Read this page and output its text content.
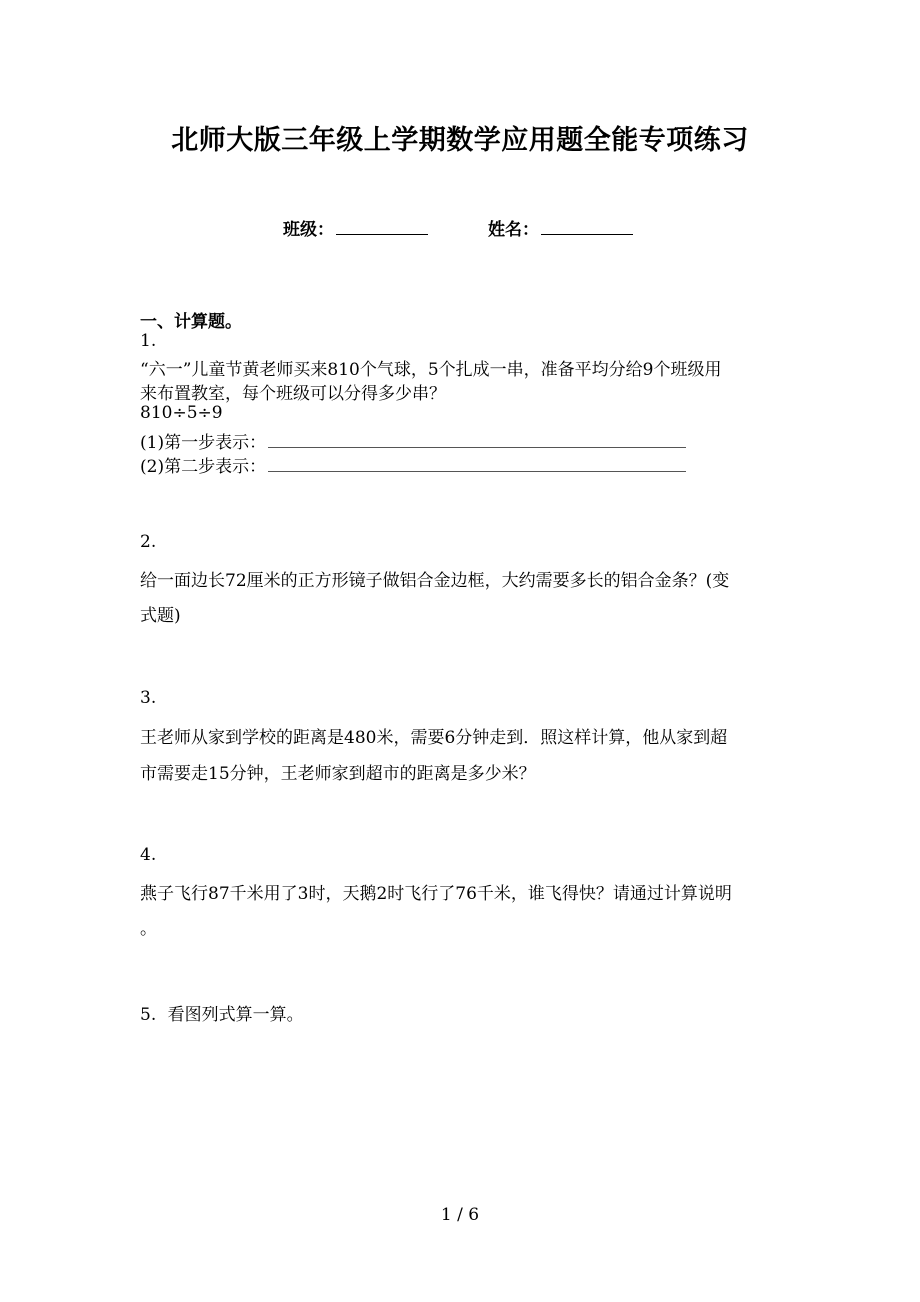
北师大版三年级上学期数学应用题全能专项练习
班级：	姓名：
一、计算题。
1.
“六一”儿童节黄老师买来810个气球，5个扎成一串，准备平均分给9个班级用
来布置教室，每个班级可以分得多少串？
810÷5÷9
(1)第一步表示：
(2)第二步表示：
2.
给一面边长72厘米的正方形镜子做铝合金边框，大约需要多长的铝合金条？(变
式题)
3.
王老师从家到学校的距离是480米，需要6分钟走到．照这样计算，他从家到超
市需要走15分钟，王老师家到超市的距离是多少米？
4.
燕子飞行87千米用了3时，天鹅2时飞行了76千米，谁飞得快？请通过计算说明
。
5. 看图列式算一算。
1 / 6
